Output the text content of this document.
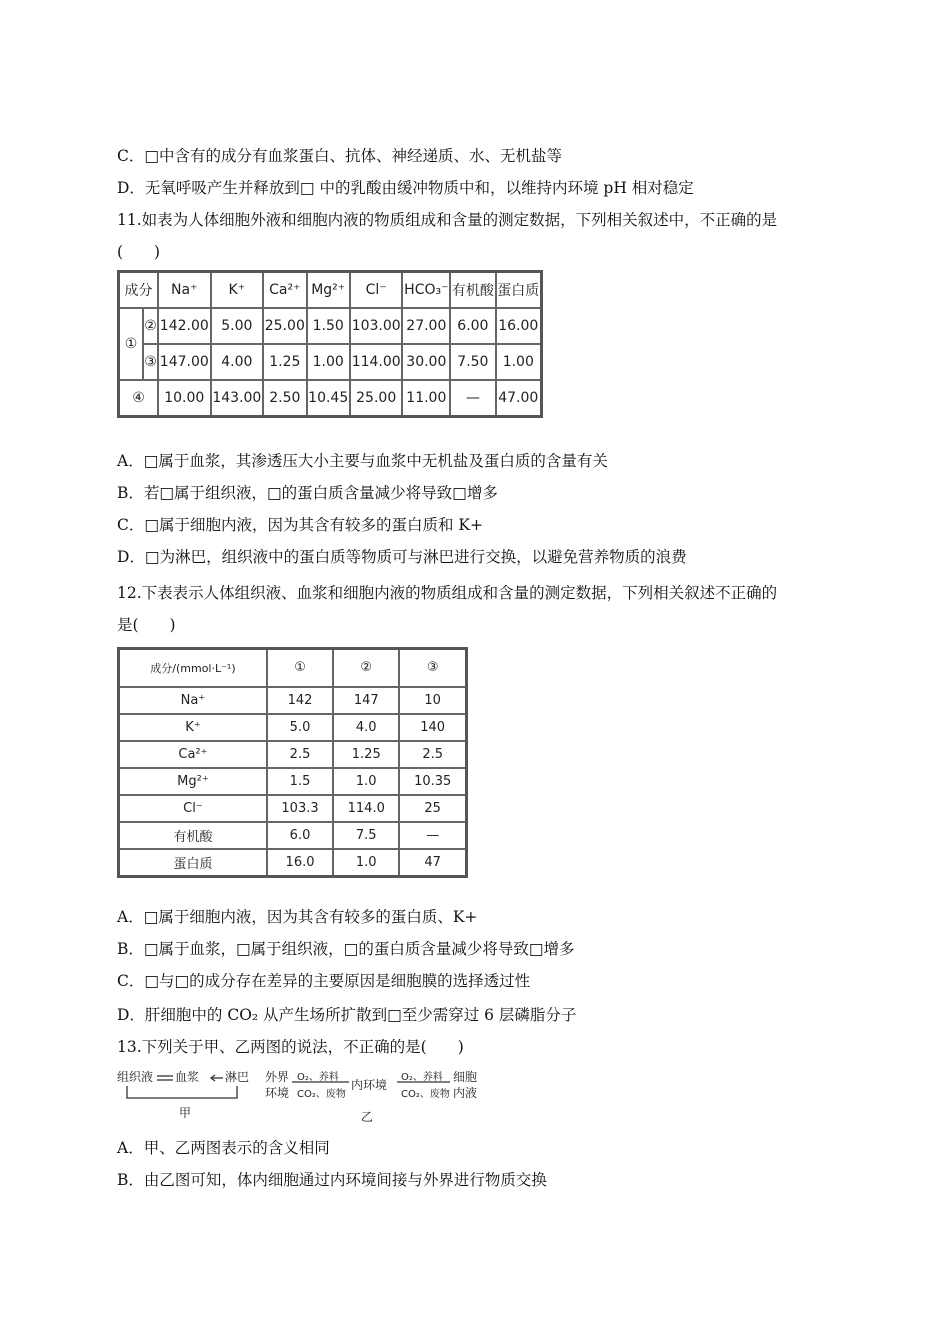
C．□中含有的成分有血浆蛋白、抗体、神经递质、水、无机盐等
D．无氧呼吸产生并释放到□ 中的乳酸由缓冲物质中和，以维持内环境 pH 相对稳定
11.如表为人体细胞外液和细胞内液的物质组成和含量的测定数据，下列相关叙述中，不正确的是
(　　)
成分		Na⁺	K⁺	Ca²⁺	Mg²⁺	Cl⁻	HCO₃⁻	有机酸	蛋白质
①	②	142.00	5.00	25.00	1.50	103.00	27.00	6.00	16.00
	③	147.00	4.00	1.25	1.00	114.00	30.00	7.50	1.00
④		10.00	143.00	2.50	10.45	25.00	11.00	—	47.00
A．□属于血浆，其渗透压大小主要与血浆中无机盐及蛋白质的含量有关
B．若□属于组织液，□的蛋白质含量减少将导致□增多
C．□属于细胞内液，因为其含有较多的蛋白质和 K+
D．□为淋巴，组织液中的蛋白质等物质可与淋巴进行交换，以避免营养物质的浪费
12.下表表示人体组织液、血浆和细胞内液的物质组成和含量的测定数据，下列相关叙述不正确的
是(　　)
成分/(mmol·L⁻¹)	①	②	③
Na⁺	142	147	10
K⁺	5.0	4.0	140
Ca²⁺	2.5	1.25	2.5
Mg²⁺	1.5	1.0	10.35
Cl⁻	103.3	114.0	25
有机酸	6.0	7.5	—
蛋白质	16.0	1.0	47
A．□属于细胞内液，因为其含有较多的蛋白质、K+
B．□属于血浆，□属于组织液，□的蛋白质含量减少将导致□增多
C．□与□的成分存在差异的主要原因是细胞膜的选择透过性
D．肝细胞中的 CO₂ 从产生场所扩散到□至少需穿过 6 层磷脂分子
13.下列关于甲、乙两图的说法，不正确的是(　　)
组织液 血浆 淋巴
甲
外界
环境
O₂、养料
CO₂、废物
内环境
O₂、养料
CO₂、废物
细胞
内液
乙
A．甲、乙两图表示的含义相同
B．由乙图可知，体内细胞通过内环境间接与外界进行物质交换
